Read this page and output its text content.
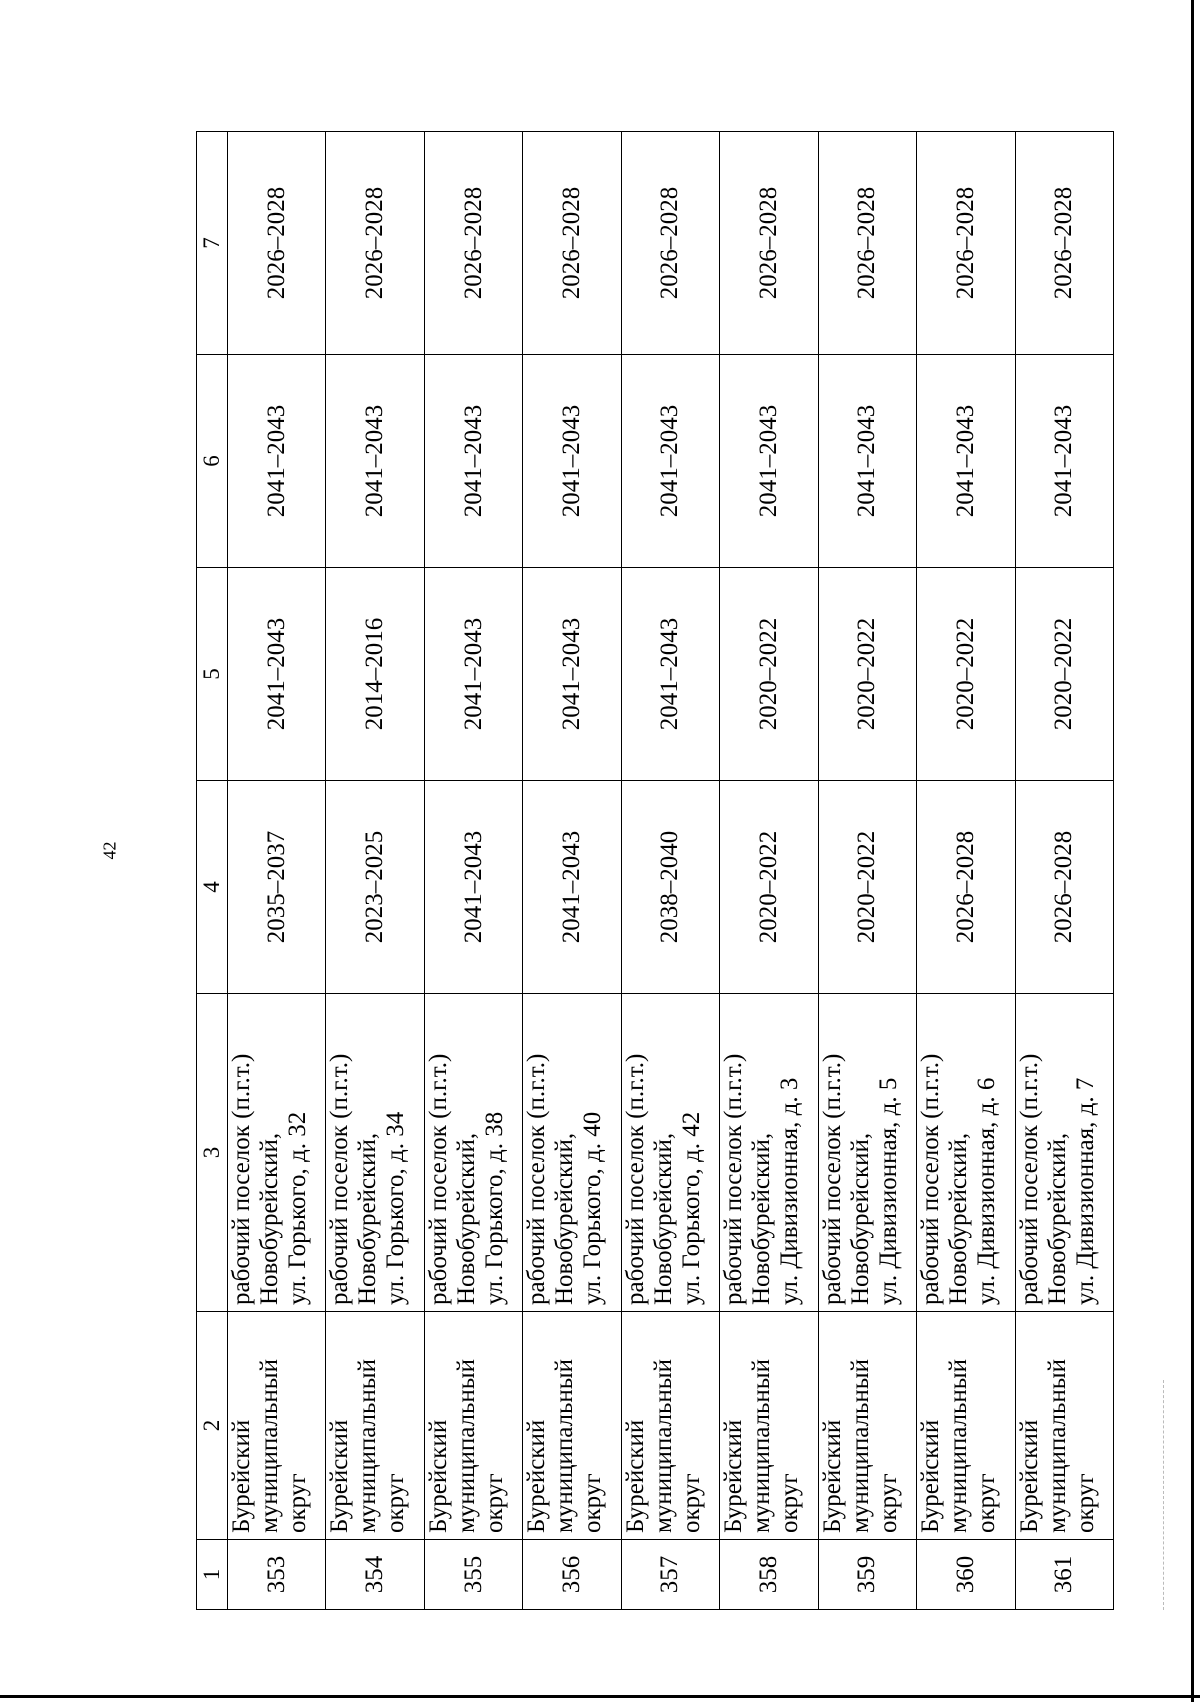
42
1	2	3	4	5	6	7
353	Бурейский муниципальный округ	рабочий поселок (п.г.т.) Новобурейский, ул. Горького, д. 32	2035–2037	2041–2043	2041–2043	2026–2028
354	Бурейский муниципальный округ	рабочий поселок (п.г.т.) Новобурейский, ул. Горького, д. 34	2023–2025	2014–2016	2041–2043	2026–2028
355	Бурейский муниципальный округ	рабочий поселок (п.г.т.) Новобурейский, ул. Горького, д. 38	2041–2043	2041–2043	2041–2043	2026–2028
356	Бурейский муниципальный округ	рабочий поселок (п.г.т.) Новобурейский, ул. Горького, д. 40	2041–2043	2041–2043	2041–2043	2026–2028
357	Бурейский муниципальный округ	рабочий поселок (п.г.т.) Новобурейский, ул. Горького, д. 42	2038–2040	2041–2043	2041–2043	2026–2028
358	Бурейский муниципальный округ	рабочий поселок (п.г.т.) Новобурейский, ул. Дивизионная, д. 3	2020–2022	2020–2022	2041–2043	2026–2028
359	Бурейский муниципальный округ	рабочий поселок (п.г.т.) Новобурейский, ул. Дивизионная, д. 5	2020–2022	2020–2022	2041–2043	2026–2028
360	Бурейский муниципальный округ	рабочий поселок (п.г.т.) Новобурейский, ул. Дивизионная, д. 6	2026–2028	2020–2022	2041–2043	2026–2028
361	Бурейский муниципальный округ	рабочий поселок (п.г.т.) Новобурейский, ул. Дивизионная, д. 7	2026–2028	2020–2022	2041–2043	2026–2028
